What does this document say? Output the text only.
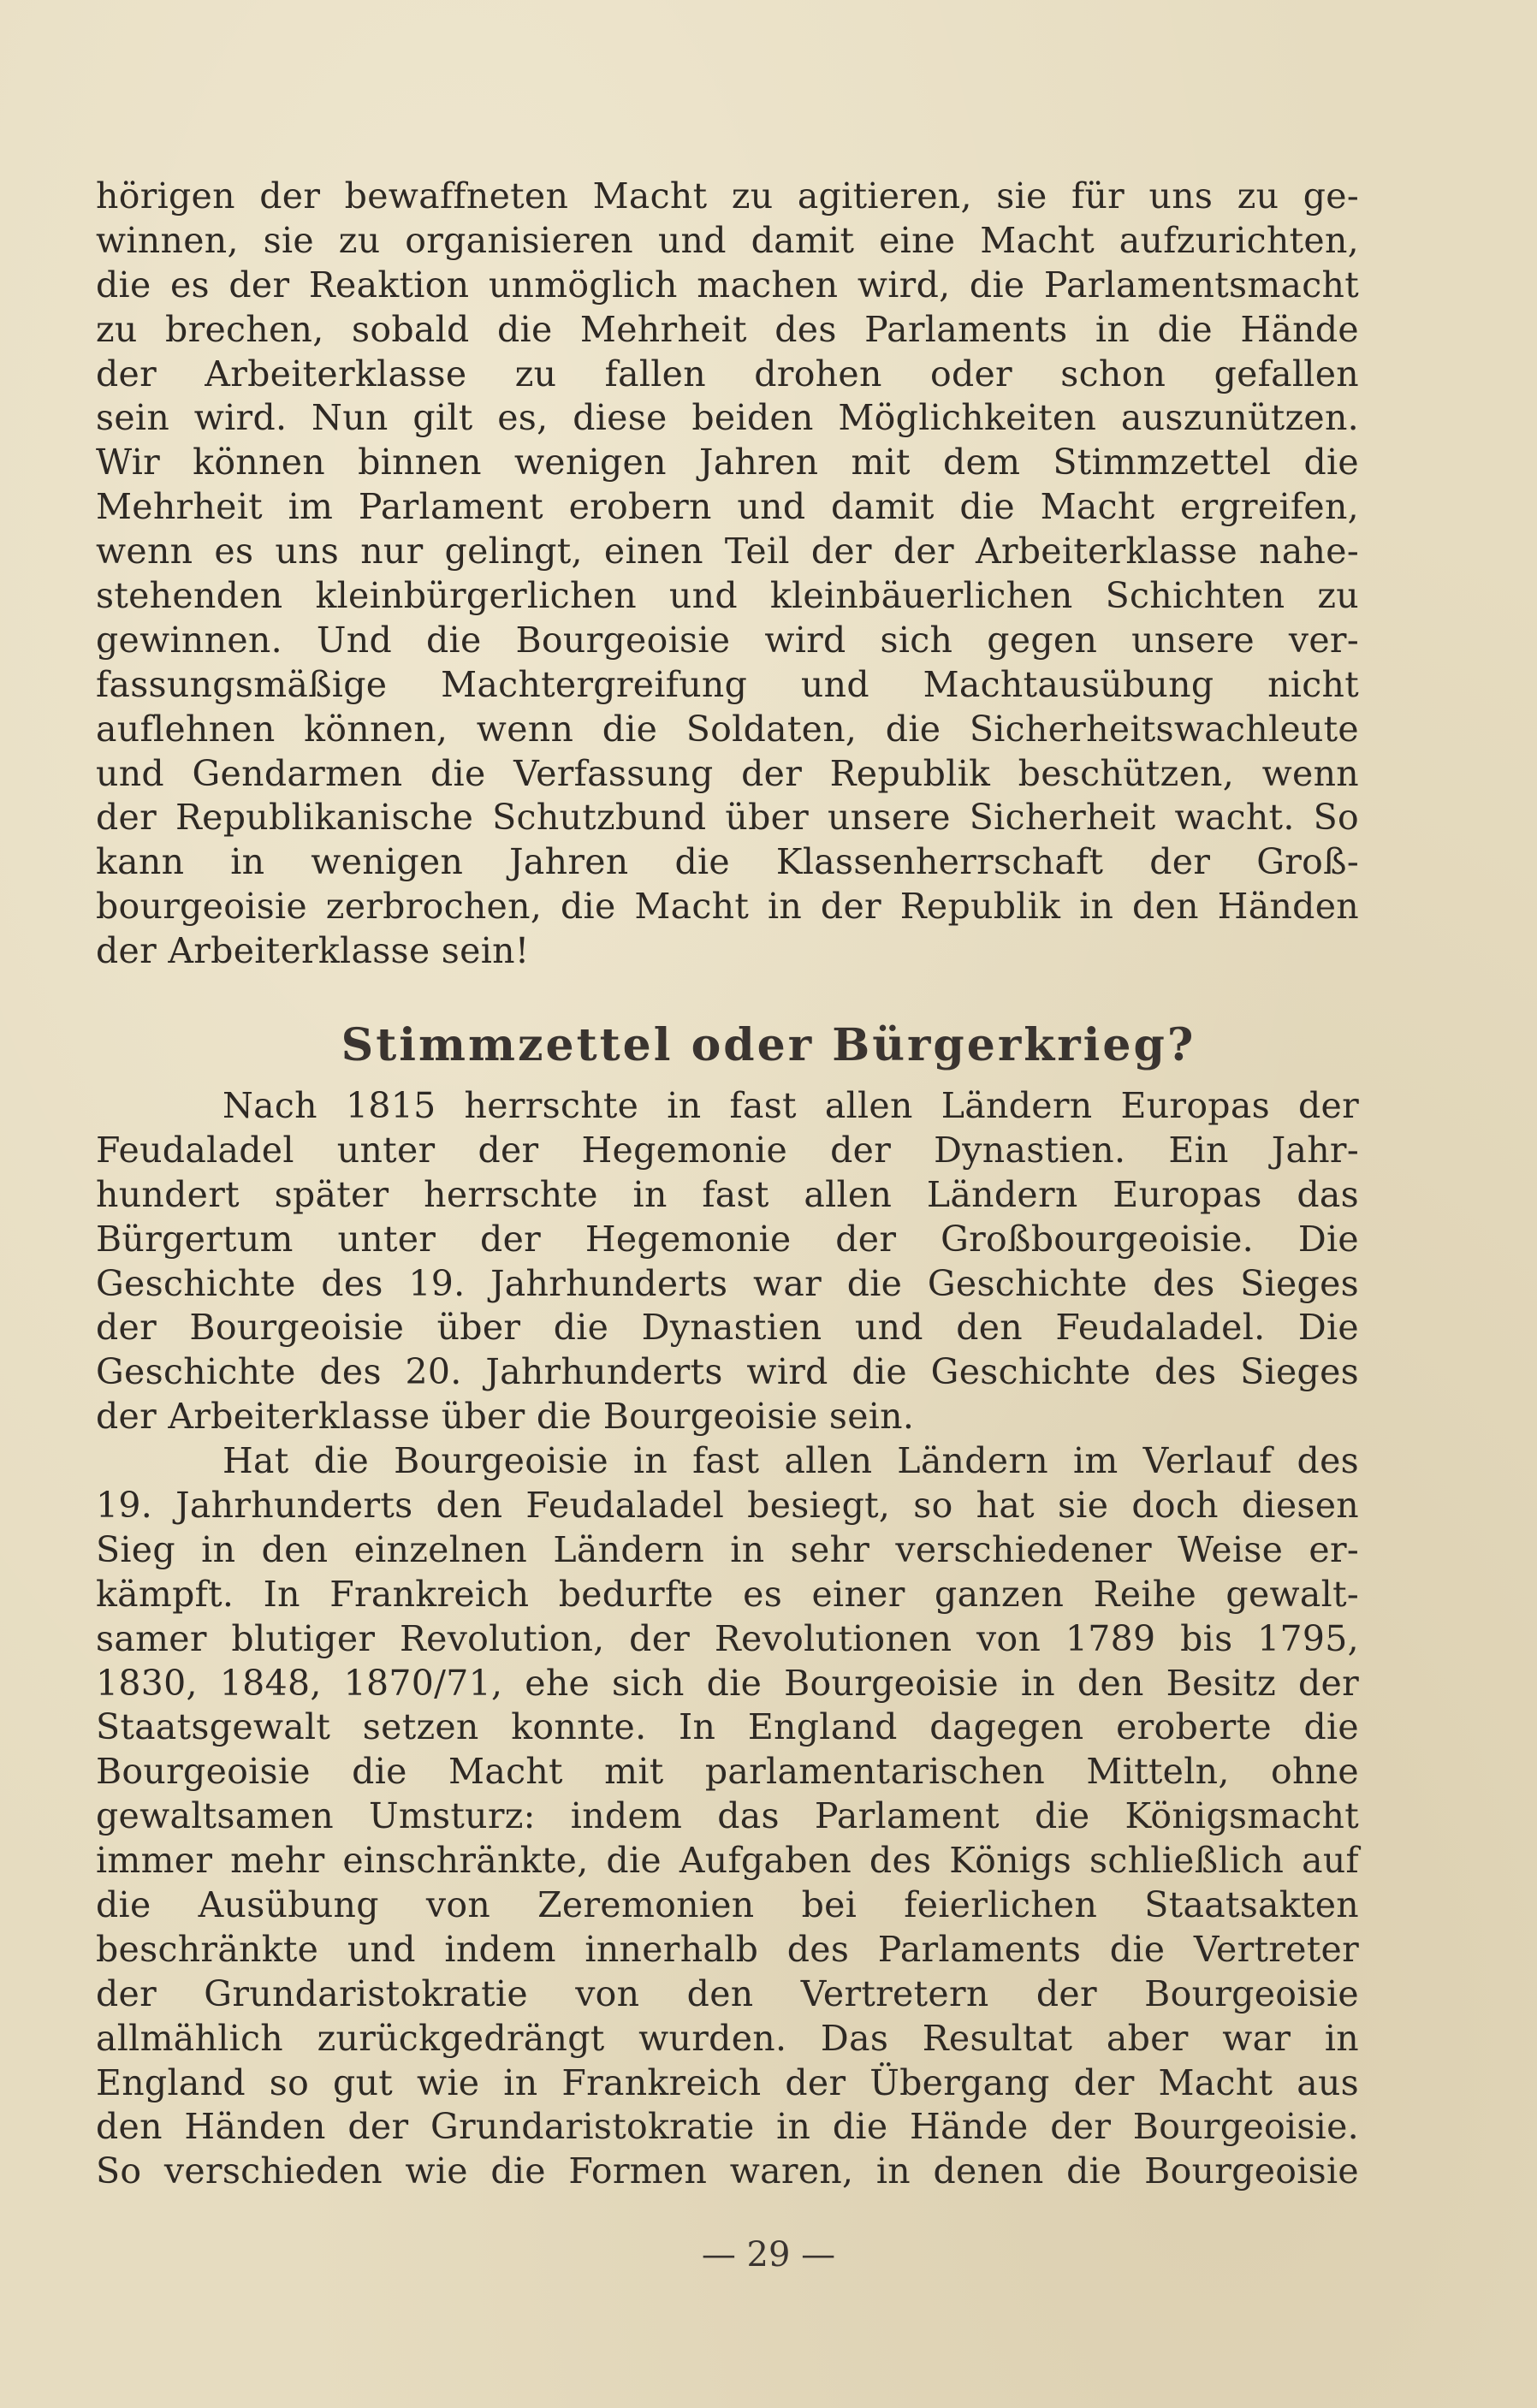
hörigen der bewaffneten Macht zu agitieren, sie für uns zu ge-
winnen, sie zu organisieren und damit eine Macht aufzurichten,
die es der Reaktion unmöglich machen wird, die Parlamentsmacht
zu brechen, sobald die Mehrheit des Parlaments in die Hände
der Arbeiterklasse zu fallen drohen oder schon gefallen
sein wird. Nun gilt es, diese beiden Möglichkeiten auszunützen.
Wir können binnen wenigen Jahren mit dem Stimmzettel die
Mehrheit im Parlament erobern und damit die Macht ergreifen,
wenn es uns nur gelingt, einen Teil der der Arbeiterklasse nahe-
stehenden kleinbürgerlichen und kleinbäuerlichen Schichten zu
gewinnen. Und die Bourgeoisie wird sich gegen unsere ver-
fassungsmäßige Machtergreifung und Machtausübung nicht
auflehnen können, wenn die Soldaten, die Sicherheitswachleute
und Gendarmen die Verfassung der Republik beschützen, wenn
der Republikanische Schutzbund über unsere Sicherheit wacht. So
kann in wenigen Jahren die Klassenherrschaft der Groß-
bourgeoisie zerbrochen, die Macht in der Republik in den Händen
der Arbeiterklasse sein!
Stimmzettel oder Bürgerkrieg?
Nach 1815 herrschte in fast allen Ländern Europas der
Feudaladel unter der Hegemonie der Dynastien. Ein Jahr-
hundert später herrschte in fast allen Ländern Europas das
Bürgertum unter der Hegemonie der Großbourgeoisie. Die
Geschichte des 19. Jahrhunderts war die Geschichte des Sieges
der Bourgeoisie über die Dynastien und den Feudaladel. Die
Geschichte des 20. Jahrhunderts wird die Geschichte des Sieges
der Arbeiterklasse über die Bourgeoisie sein.
Hat die Bourgeoisie in fast allen Ländern im Verlauf des
19. Jahrhunderts den Feudaladel besiegt, so hat sie doch diesen
Sieg in den einzelnen Ländern in sehr verschiedener Weise er-
kämpft. In Frankreich bedurfte es einer ganzen Reihe gewalt-
samer blutiger Revolution, der Revolutionen von 1789 bis 1795,
1830, 1848, 1870/71, ehe sich die Bourgeoisie in den Besitz der
Staatsgewalt setzen konnte. In England dagegen eroberte die
Bourgeoisie die Macht mit parlamentarischen Mitteln, ohne
gewaltsamen Umsturz: indem das Parlament die Königsmacht
immer mehr einschränkte, die Aufgaben des Königs schließlich auf
die Ausübung von Zeremonien bei feierlichen Staatsakten
beschränkte und indem innerhalb des Parlaments die Vertreter
der Grundaristokratie von den Vertretern der Bourgeoisie
allmählich zurückgedrängt wurden. Das Resultat aber war in
England so gut wie in Frankreich der Übergang der Macht aus
den Händen der Grundaristokratie in die Hände der Bourgeoisie.
So verschieden wie die Formen waren, in denen die Bourgeoisie
— 29 —
